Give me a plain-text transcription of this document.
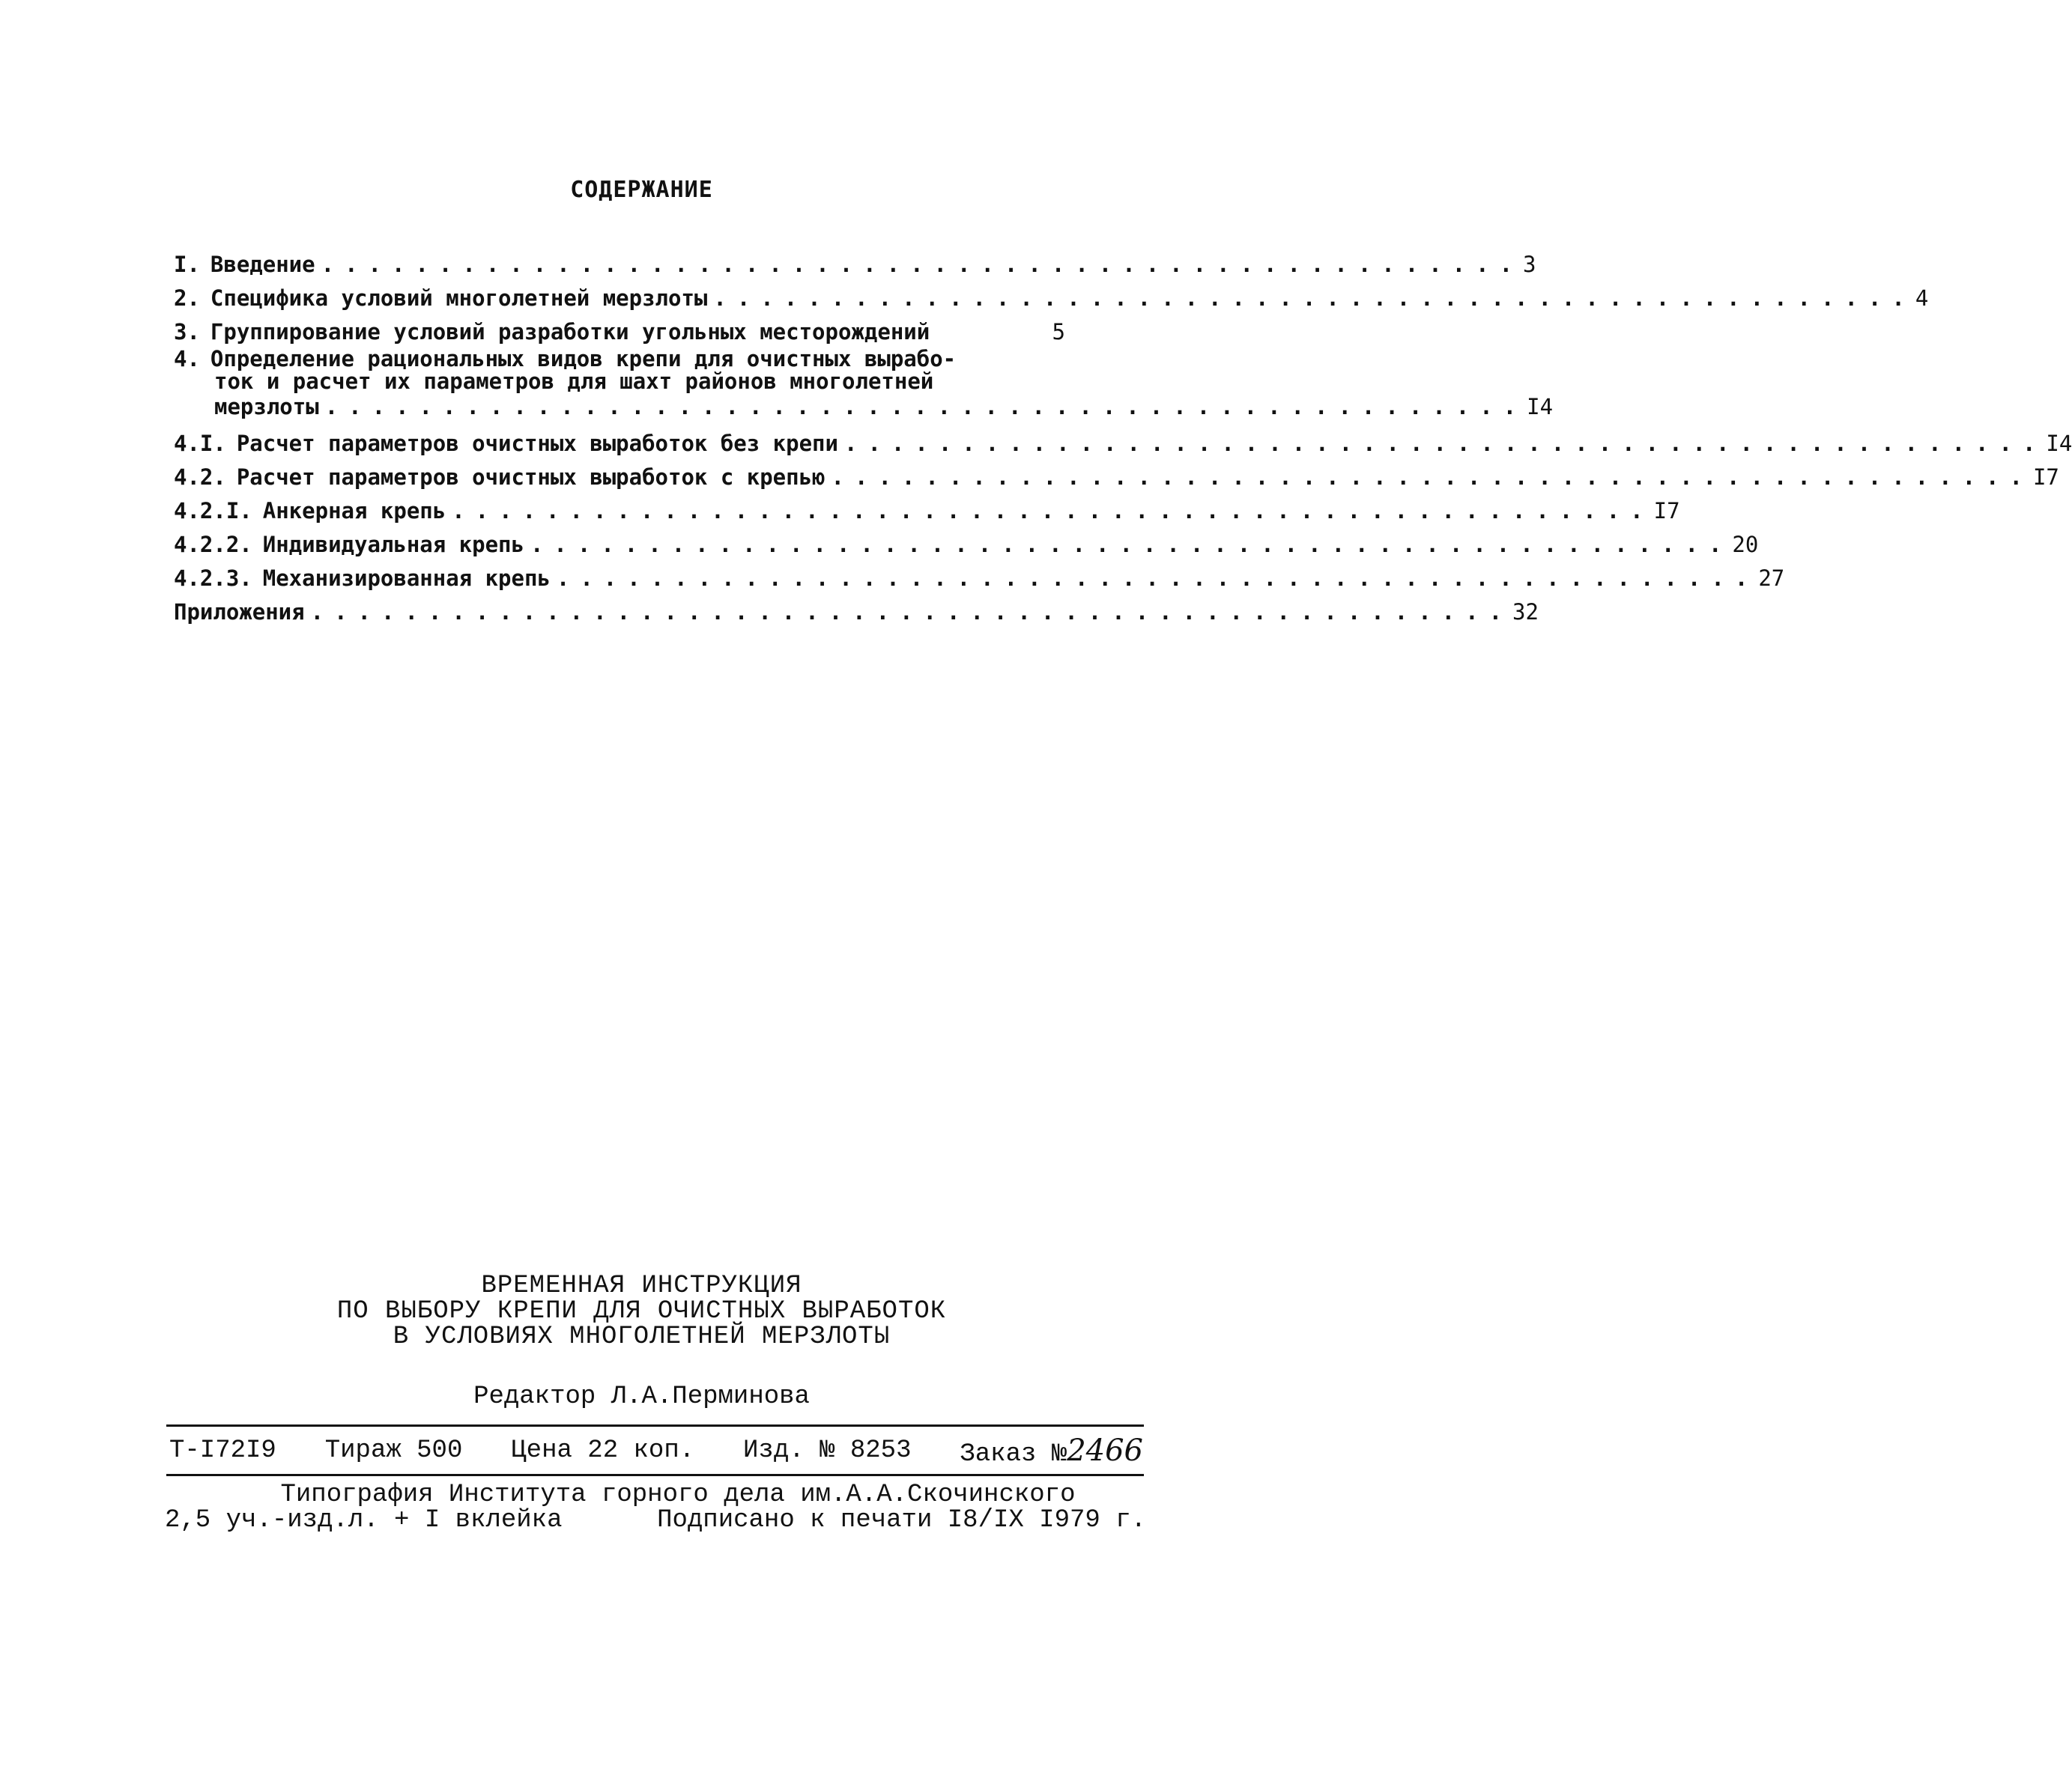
СОДЕРЖАНИЕ
I. Введение ................................................... 3
2. Специфика условий многолетней мерзлоты ................................................... 4
3. Группирование условий разработки угольных месторождений	5
4. Определение рациональных видов крепи для очистных вырабо-
ток и расчет их параметров для шахт районов многолетней
мерзлоты ................................................... I4
4.I. Расчет параметров очистных выработок без крепи ................................................... I4
4.2. Расчет параметров очистных выработок с крепью ................................................... I7
4.2.I. Анкерная крепь ................................................... I7
4.2.2. Индивидуальная крепь ................................................... 20
4.2.3. Механизированная крепь ................................................... 27
Приложения ................................................... 32
ВРЕМЕННАЯ ИНСТРУКЦИЯ
ПО ВЫБОРУ КРЕПИ ДЛЯ ОЧИСТНЫХ ВЫРАБОТОК
В УСЛОВИЯХ МНОГОЛЕТНЕЙ МЕРЗЛОТЫ
Редактор Л.А.Перминова
Т-I72I9 Тираж 500 Цена 22 коп. Изд. № 8253 Заказ №2466
Типография Института горного дела им.А.А.Скочинского
2,5 уч.-изд.л. + I вклейка	Подписано к печати I8/IX I979 г.
